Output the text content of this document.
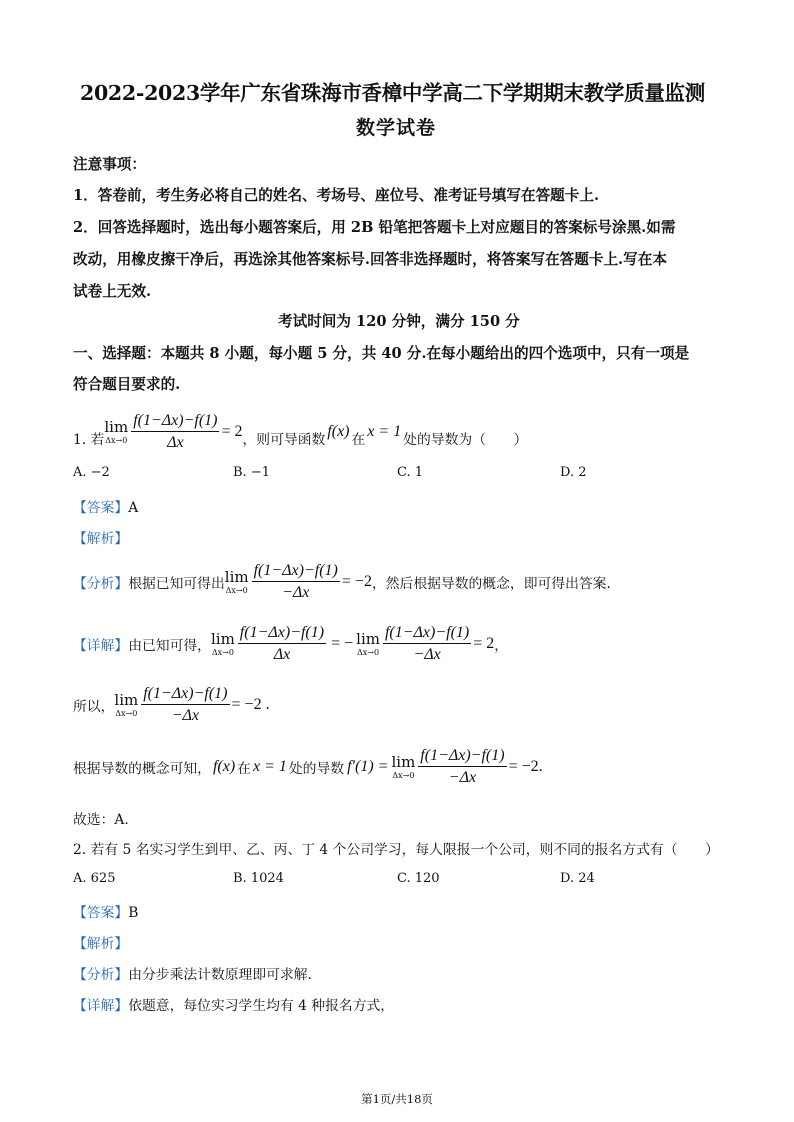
2022-2023学年广东省珠海市香樟中学高二下学期期末教学质量监测
数学试卷
注意事项：
1．答卷前，考生务必将自己的姓名、考场号、座位号、准考证号填写在答题卡上.
2．回答选择题时，选出每小题答案后，用 2B 铅笔把答题卡上对应题目的答案标号涂黑.如需
改动，用橡皮擦干净后，再选涂其他答案标号.回答非选择题时，将答案写在答题卡上.写在本
试卷上无效.
考试时间为 120 分钟，满分 150 分
一、选择题：本题共 8 小题，每小题 5 分，共 40 分.在每小题给出的四个选项中，只有一项是
符合题目要求的.
1. 若
lim
$\Delta x\to 0 \frac{f(1-\Delta x)-f(1)}{\Delta x} = 2$ ，则可导函数 f(x) 在 x = 1 处的导数为（　　）
A. −2	B. −1	C. 1	D. 2
【答案】A
【解析】
【分析】 根据已知可得出 lim
$\Delta x\to 0 \frac{f(1-\Delta x)-f(1)}{-\Delta x} = -2$ ，然后根据导数的概念，即可得出答案.
【详解】 由已知可得， lim
$\Delta x\to 0 \frac{f(1-\Delta x)-f(1)}{\Delta x}$ = − lim
$\Delta x\to 0 \frac{f(1-\Delta x)-f(1)}{-\Delta x} = 2$ ，
所以， lim
$\Delta x\to 0 \frac{f(1-\Delta x)-f(1)}{-\Delta x} = -2$ .
根据导数的概念可知， f(x) 在 x = 1 处的导数 f′(1) = lim
$\Delta x\to 0 \frac{f(1-\Delta x)-f(1)}{-\Delta x} = -2$.
故选：A.
2. 若有 5 名实习学生到甲、乙、丙、丁 4 个公司学习，每人限报一个公司，则不同的报名方式有（　　）
A. 625	B. 1024	C. 120	D. 24
【答案】B
【解析】
【分析】由分步乘法计数原理即可求解.
【详解】依题意，每位实习学生均有 4 种报名方式，
第1页/共18页
